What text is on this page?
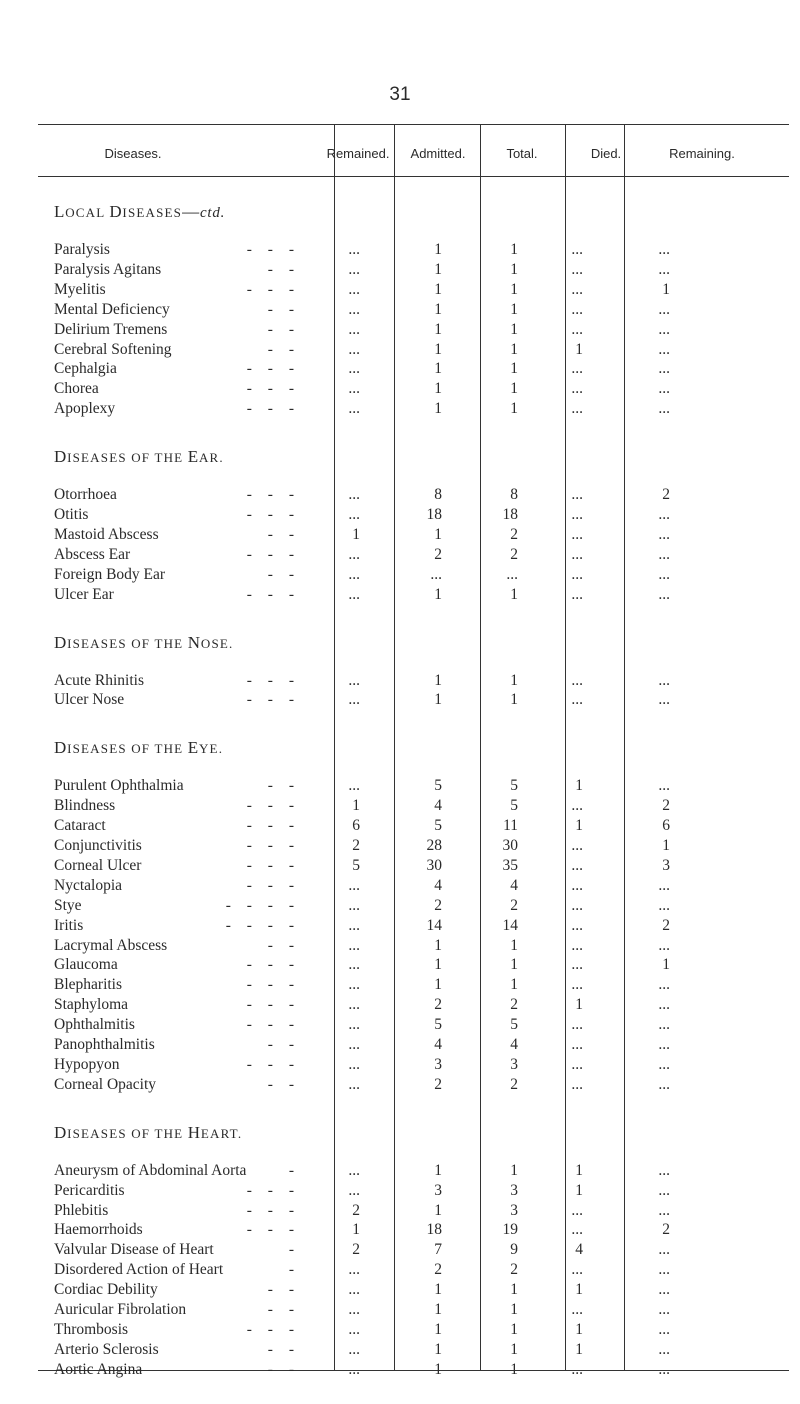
31
Diseases.	Remained.	Admitted.	Total.	Died.	Remaining.
LOCAL DISEASES—ctd.
Paralysis	- - -	...	1	1	...	...
Paralysis Agitans	- -	...	1	1	...	...
Myelitis	- - -	...	1	1	...	1
Mental Deficiency	- -	...	1	1	...	...
Delirium Tremens	- -	...	1	1	...	...
Cerebral Softening	- -	...	1	1	1	...
Cephalgia	- - -	...	1	1	...	...
Chorea	- - -	...	1	1	...	...
Apoplexy	- - -	...	1	1	...	...
DISEASES OF THE EAR.
Otorrhoea	- - -	...	8	8	...	2
Otitis	- - -	...	18	18	...	...
Mastoid Abscess	- -	1	1	2	...	...
Abscess Ear	- - -	...	2	2	...	...
Foreign Body Ear	- -	...	...	...	...	...
Ulcer Ear	- - -	...	1	1	...	...
DISEASES OF THE NOSE.
Acute Rhinitis	- - -	...	1	1	...	...
Ulcer Nose	- - -	...	1	1	...	...
DISEASES OF THE EYE.
Purulent Ophthalmia	- -	...	5	5	1	...
Blindness	- - -	1	4	5	...	2
Cataract	- - -	6	5	11	1	6
Conjunctivitis	- - -	2	28	30	...	1
Corneal Ulcer	- - -	5	30	35	...	3
Nyctalopia	- - -	...	4	4	...	...
Stye	- - - -	...	2	2	...	...
Iritis	- - - -	...	14	14	...	2
Lacrymal Abscess	- -	...	1	1	...	...
Glaucoma	- - -	...	1	1	...	1
Blepharitis	- - -	...	1	1	...	...
Staphyloma	- - -	...	2	2	1	...
Ophthalmitis	- - -	...	5	5	...	...
Panophthalmitis	- -	...	4	4	...	...
Hypopyon	- - -	...	3	3	...	...
Corneal Opacity	- -	...	2	2	...	...
DISEASES OF THE HEART.
Aneurysm of Abdominal Aorta	-	...	1	1	1	...
Pericarditis	- - -	...	3	3	1	...
Phlebitis	- - -	2	1	3	...	...
Haemorrhoids	- - -	1	18	19	...	2
Valvular Disease of Heart	-	2	7	9	4	...
Disordered Action of Heart	-	...	2	2	...	...
Cordiac Debility	- -	...	1	1	1	...
Auricular Fibrolation	- -	...	1	1	...	...
Thrombosis	- - -	...	1	1	1	...
Arterio Sclerosis	- -	...	1	1	1	...
Aortic Angina	- -	...	1	1	...	...
